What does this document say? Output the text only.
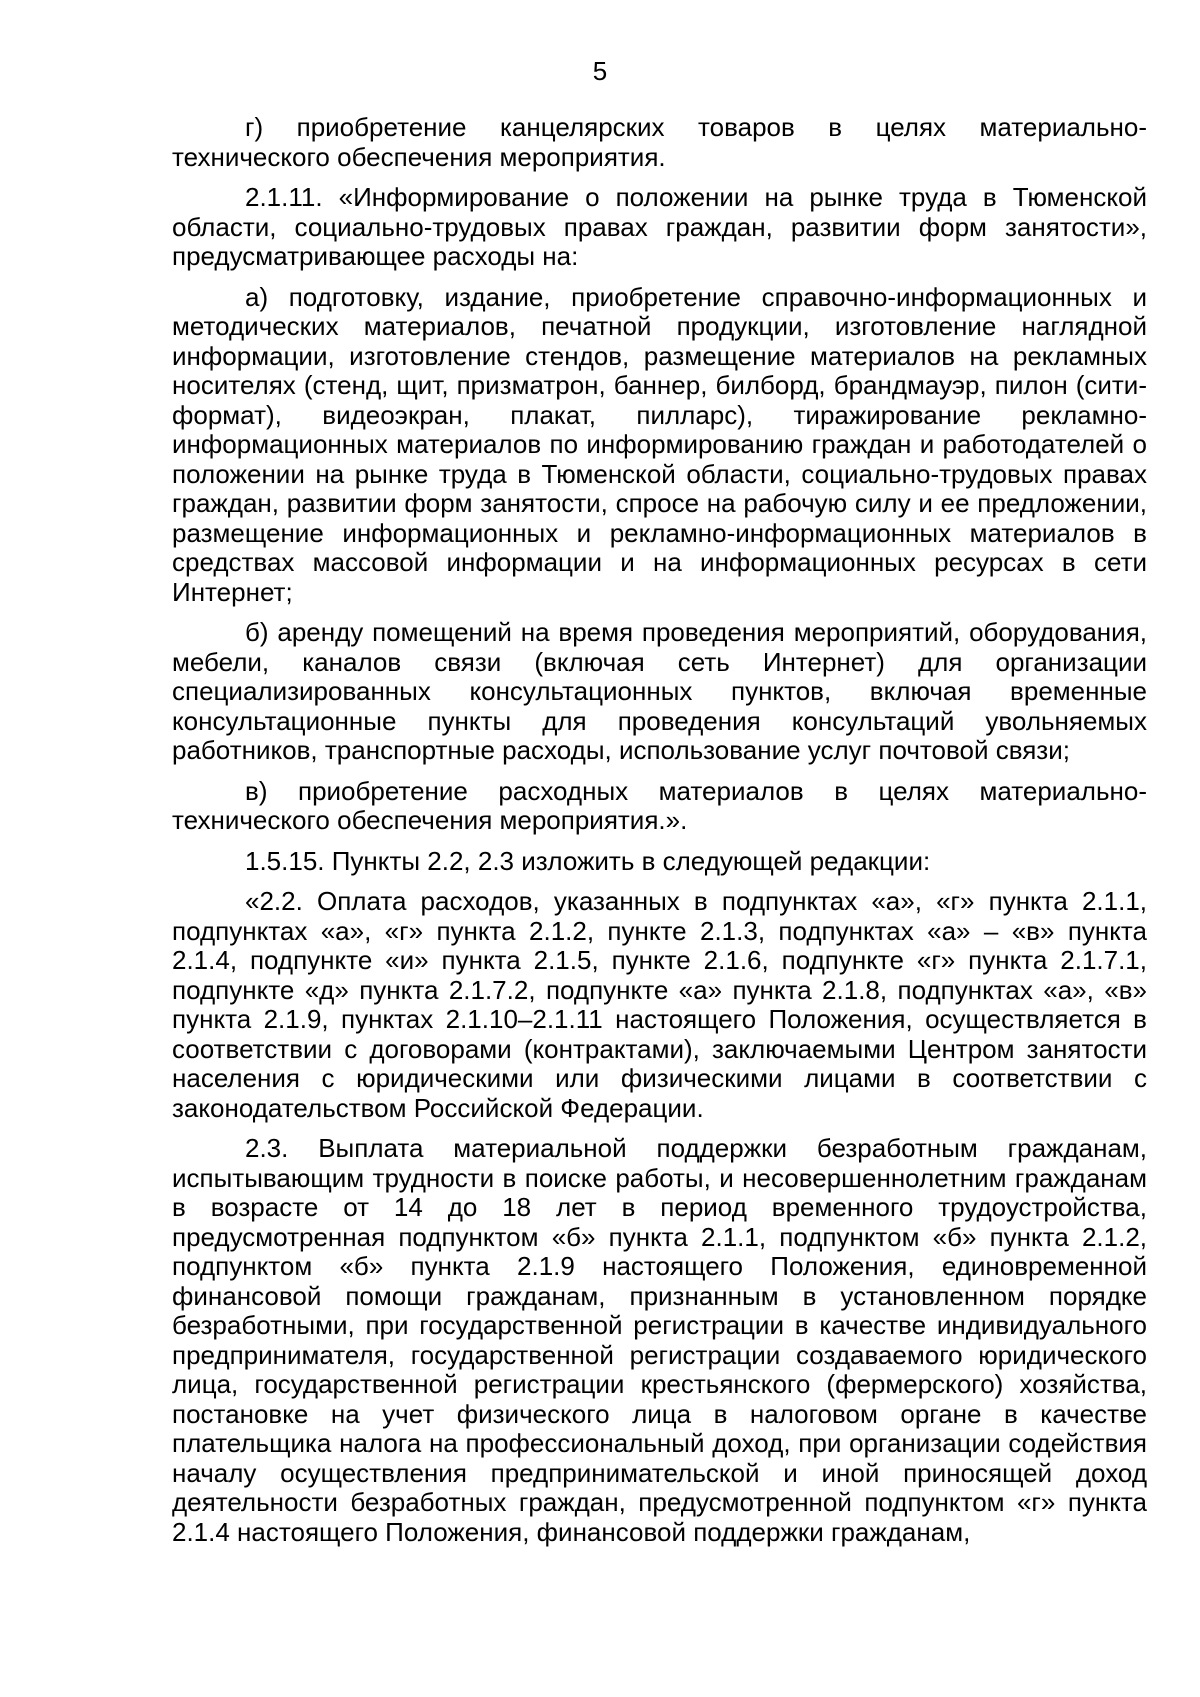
5

г) приобретение канцелярских товаров в целях материально-технического обеспечения мероприятия.

2.1.11. «Информирование о положении на рынке труда в Тюменской области, социально-трудовых правах граждан, развитии форм занятости», предусматривающее расходы на:

а) подготовку, издание, приобретение справочно-информационных и методических материалов, печатной продукции, изготовление наглядной информации, изготовление стендов, размещение материалов на рекламных носителях (стенд, щит, призматрон, баннер, билборд, брандмауэр, пилон (сити-формат), видеоэкран, плакат, пилларс), тиражирование рекламно-информационных материалов по информированию граждан и работодателей о положении на рынке труда в Тюменской области, социально-трудовых правах граждан, развитии форм занятости, спросе на рабочую силу и ее предложении, размещение информационных и рекламно-информационных материалов в средствах массовой информации и на информационных ресурсах в сети Интернет;

б) аренду помещений на время проведения мероприятий, оборудования, мебели, каналов связи (включая сеть Интернет) для организации специализированных консультационных пунктов, включая временные консультационные пункты для проведения консультаций увольняемых работников, транспортные расходы, использование услуг почтовой связи;

в) приобретение расходных материалов в целях материально-технического обеспечения мероприятия.».

1.5.15. Пункты 2.2, 2.3 изложить в следующей редакции:

«2.2. Оплата расходов, указанных в подпунктах «а», «г» пункта 2.1.1, подпунктах «а», «г» пункта 2.1.2, пункте 2.1.3, подпунктах «а» – «в» пункта 2.1.4, подпункте «и» пункта 2.1.5, пункте 2.1.6, подпункте «г» пункта 2.1.7.1, подпункте «д» пункта 2.1.7.2, подпункте «а» пункта 2.1.8, подпунктах «а», «в» пункта 2.1.9, пунктах 2.1.10–2.1.11 настоящего Положения, осуществляется в соответствии с договорами (контрактами), заключаемыми Центром занятости населения с юридическими или физическими лицами в соответствии с законодательством Российской Федерации.

2.3. Выплата материальной поддержки безработным гражданам, испытывающим трудности в поиске работы, и несовершеннолетним гражданам в возрасте от 14 до 18 лет в период временного трудоустройства, предусмотренная подпунктом «б» пункта 2.1.1, подпунктом «б» пункта 2.1.2, подпунктом «б» пункта 2.1.9 настоящего Положения, единовременной финансовой помощи гражданам, признанным в установленном порядке безработными, при государственной регистрации в качестве индивидуального предпринимателя, государственной регистрации создаваемого юридического лица, государственной регистрации крестьянского (фермерского) хозяйства, постановке на учет физического лица в налоговом органе в качестве плательщика налога на профессиональный доход, при организации содействия началу осуществления предпринимательской и иной приносящей доход деятельности безработных граждан, предусмотренной подпунктом «г» пункта 2.1.4 настоящего Положения, финансовой поддержки гражданам,
